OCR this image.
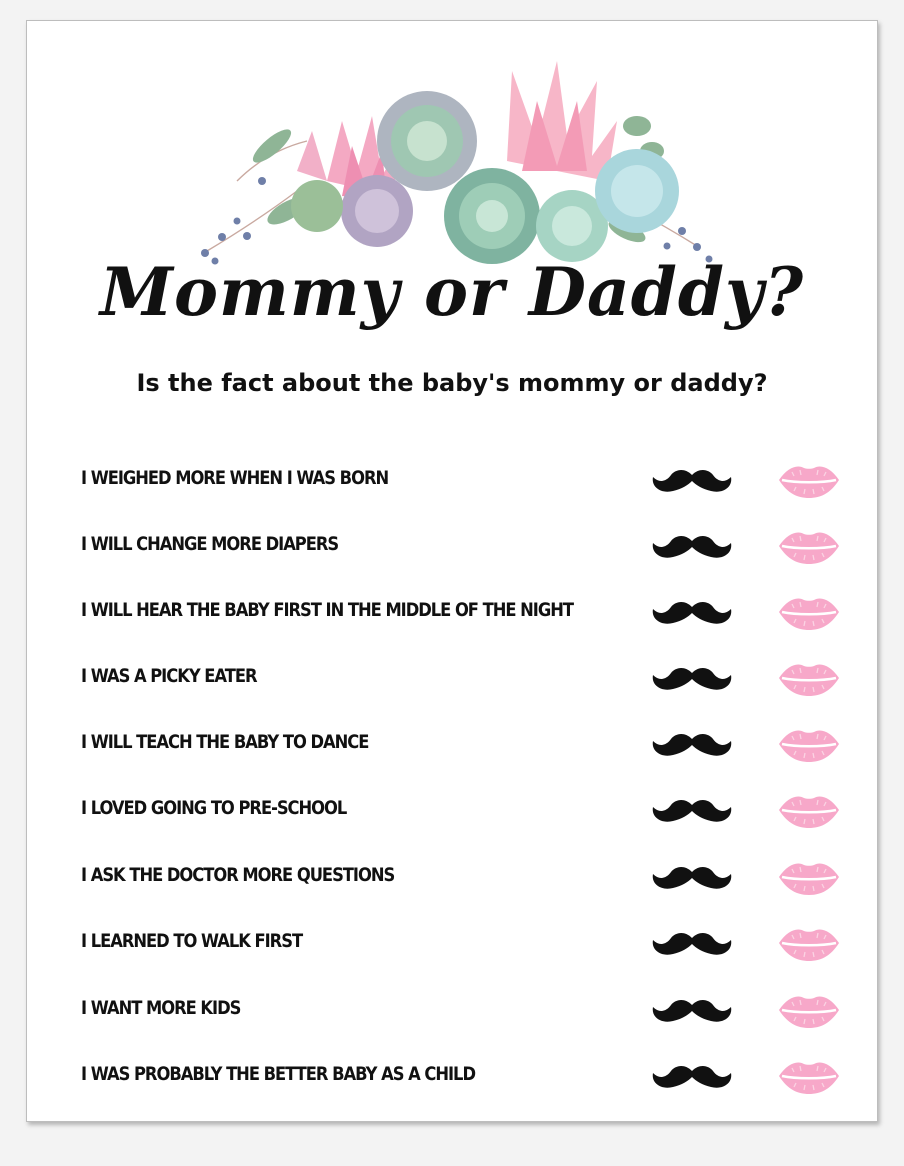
Mommy or Daddy?
Is the fact about the baby's mommy or daddy?
I WEIGHED MORE WHEN I WAS BORN
I WILL CHANGE MORE DIAPERS
I WILL HEAR THE BABY FIRST IN THE MIDDLE OF THE NIGHT
I WAS A PICKY EATER
I WILL TEACH THE BABY TO DANCE
I LOVED GOING TO PRE-SCHOOL
I ASK THE DOCTOR MORE QUESTIONS
I LEARNED TO WALK FIRST
I WANT MORE KIDS
I WAS PROBABLY THE BETTER BABY AS A CHILD
